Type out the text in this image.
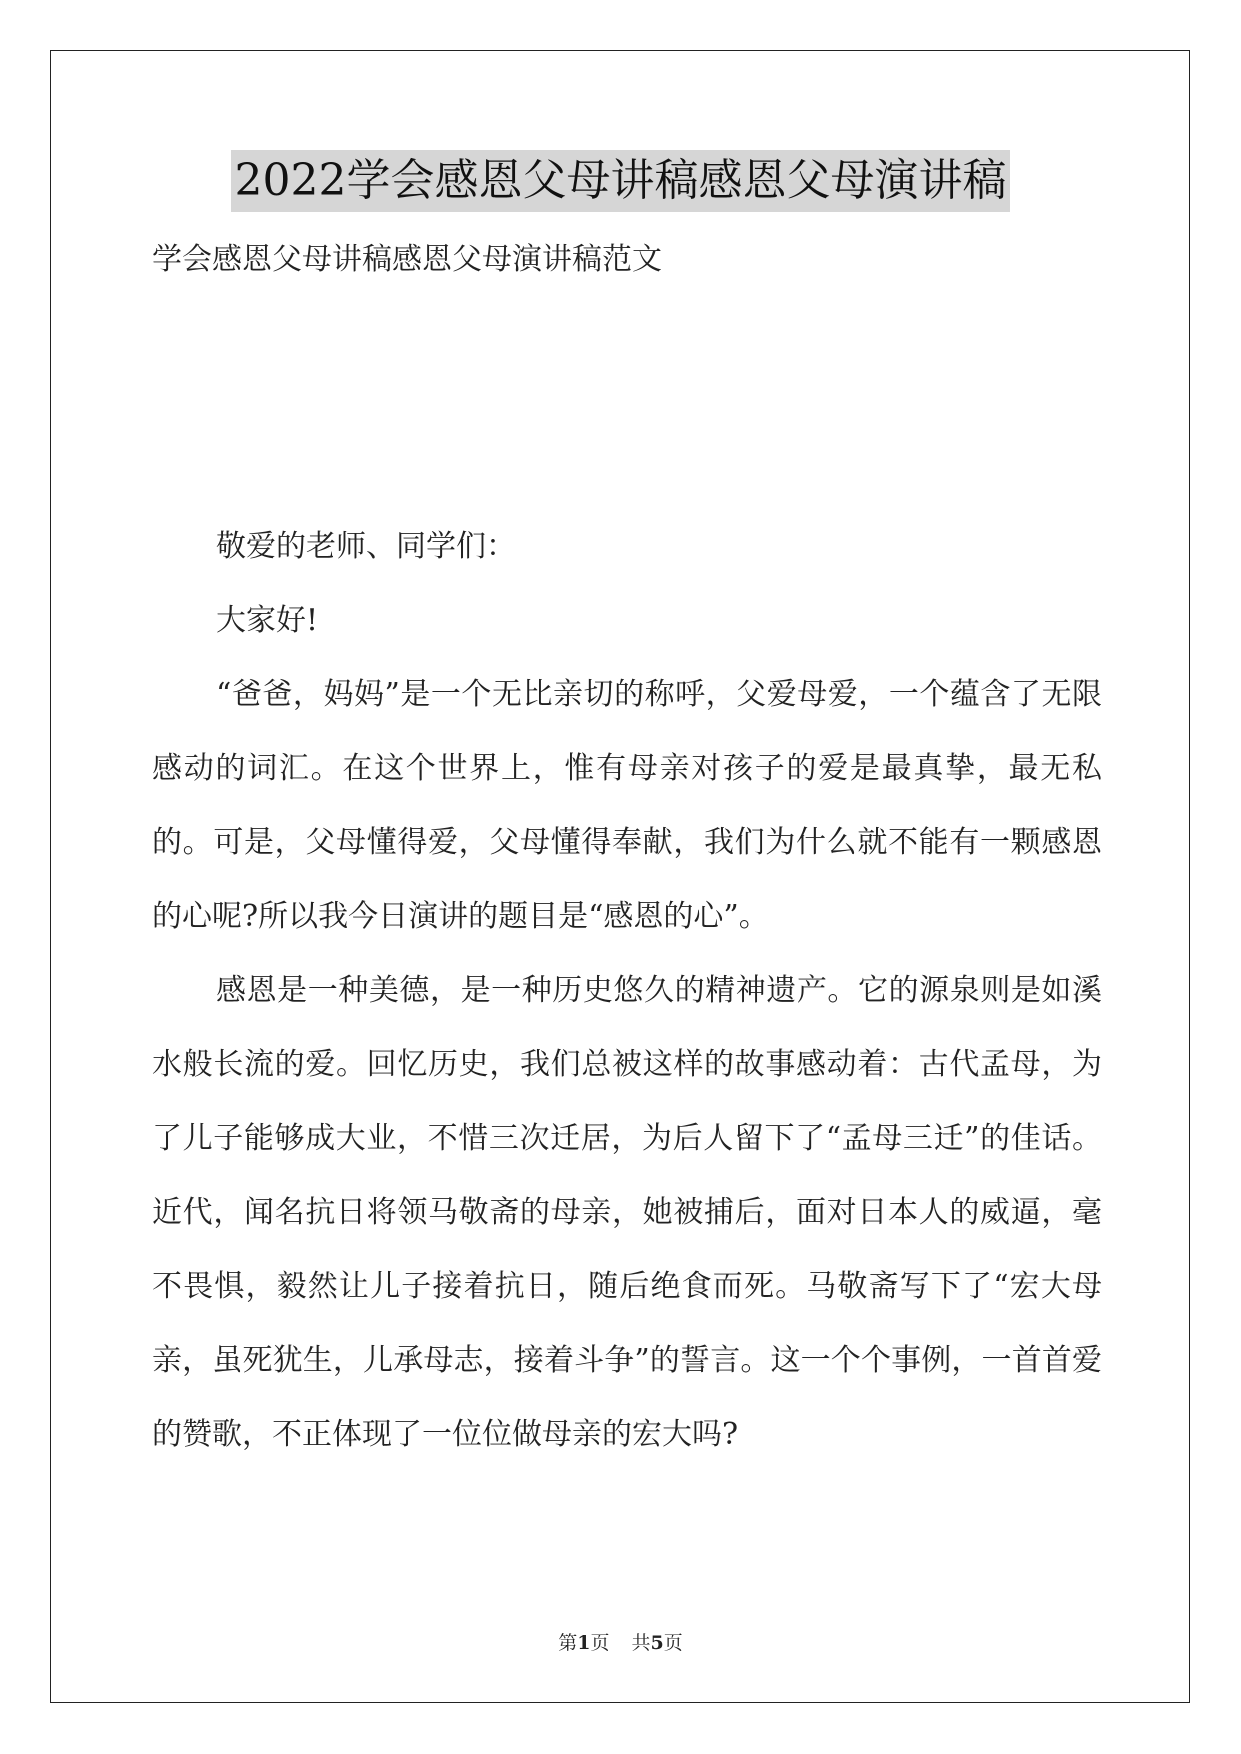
2022学会感恩父母讲稿感恩父母演讲稿
学会感恩父母讲稿感恩父母演讲稿范文

敬爱的老师、同学们：

大家好!

“爸爸，妈妈”是一个无比亲切的称呼，父爱母爱，一个蕴含了无限感动的词汇。在这个世界上，惟有母亲对孩子的爱是最真挚，最无私的。可是，父母懂得爱，父母懂得奉献，我们为什么就不能有一颗感恩的心呢?所以我今日演讲的题目是“感恩的心”。

感恩是一种美德，是一种历史悠久的精神遗产。它的源泉则是如溪水般长流的爱。回忆历史，我们总被这样的故事感动着：古代孟母，为了儿子能够成大业，不惜三次迁居，为后人留下了“孟母三迁”的佳话。近代，闻名抗日将领马敬斋的母亲，她被捕后，面对日本人的威逼，毫不畏惧，毅然让儿子接着抗日，随后绝食而死。马敬斋写下了“宏大母亲，虽死犹生，儿承母志，接着斗争”的誓言。这一个个事例，一首首爱的赞歌，不正体现了一位位做母亲的宏大吗?

第1页 共5页
